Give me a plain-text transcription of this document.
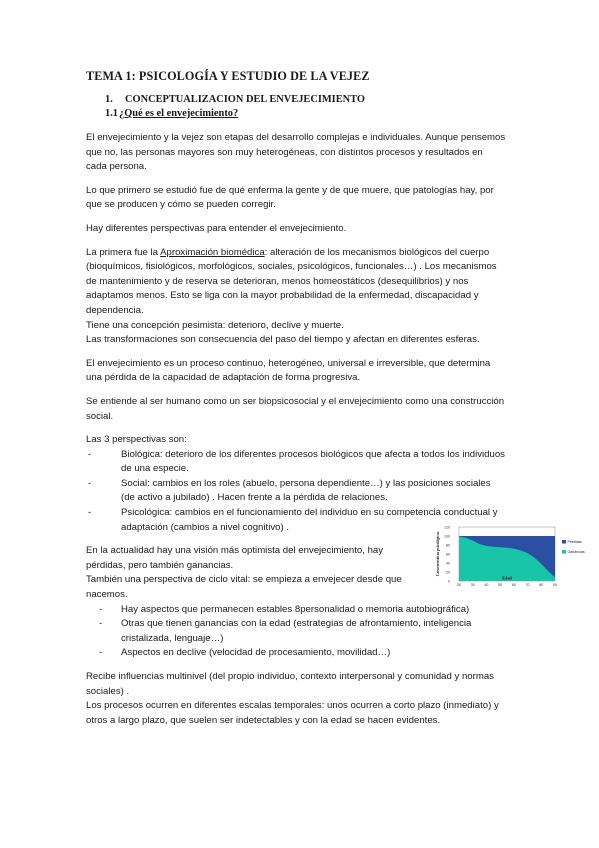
TEMA 1: PSICOLOGÍA Y ESTUDIO DE LA VEJEZ
1. CONCEPTUALIZACION DEL ENVEJECIMIENTO
1.1¿Qué es el envejecimiento?

El envejecimiento y la vejez son etapas del desarrollo complejas e individuales. Aunque pensemos que no, las personas mayores son muy heterogéneas, con distintos procesos y resultados en cada persona.

Lo que primero se estudió fue de qué enferma la gente y de que muere, que patologías hay, por que se producen y cómo se pueden corregir.

Hay diferentes perspectivas para entender el envejecimiento.

La primera fue la Aproximación biomédica: alteración de los mecanismos biológicos del cuerpo (bioquímicos, fisiológicos, morfológicos, sociales, psicológicos, funcionales…) . Los mecanismos de mantenimiento y de reserva se deterioran, menos homeostáticos (desequilibrios) y nos adaptamos menos. Esto se liga con la mayor probabilidad de la enfermedad, discapacidad y dependencia.

Tiene una concepción pesimista: deterioro, declive y muerte.

Las transformaciones son consecuencia del paso del tiempo y afectan en diferentes esferas.

El envejecimiento es un proceso continuo, heterogéneo, universal e irreversible, que determina una pérdida de la capacidad de adaptación de forma progresiva.

Se entiende al ser humano como un ser biopsicosocial y el envejecimiento como una construcción social.

Las 3 perspectivas son:

- Biológica: deterioro de los diferentes procesos biológicos que afecta a todos los individuos de una especie.
- Social: cambios en los roles (abuelo, persona dependiente…) y las posiciones sociales (de activo a jubilado) . Hacen frente a la pérdida de relaciones.
- Psicológica: cambios en el funcionamiento del individuo en su competencia conductual y adaptación (cambios a nivel cognitivo) .

En la actualidad hay una visión más optimista del envejecimiento, hay pérdidas, pero también ganancias.

También una perspectiva de ciclo vital: se empieza a envejecer desde que nacemos.

- Hay aspectos que permanecen estables 8personalidad o memoria autobiográfica)
- Otras que tienen ganancias con la edad (estrategias de afrontamiento, inteligencia cristalizada, lenguaje…)
- Aspectos en declive (velocidad de procesamiento, movilidad…)

Recibe influencias multinivel (del propio individuo, contexto interpersonal y comunidad y normas sociales) .

Los procesos ocurren en diferentes escalas temporales: unos ocurren a corto plazo (inmediato) y otros a largo plazo, que suelen ser indetectables y con la edad se hacen evidentes.

0
20
40
60
80
100
120
20	30	40	50	60	70	80	90
Edad
Características psicológicas	Pérdidas
Ganancias
